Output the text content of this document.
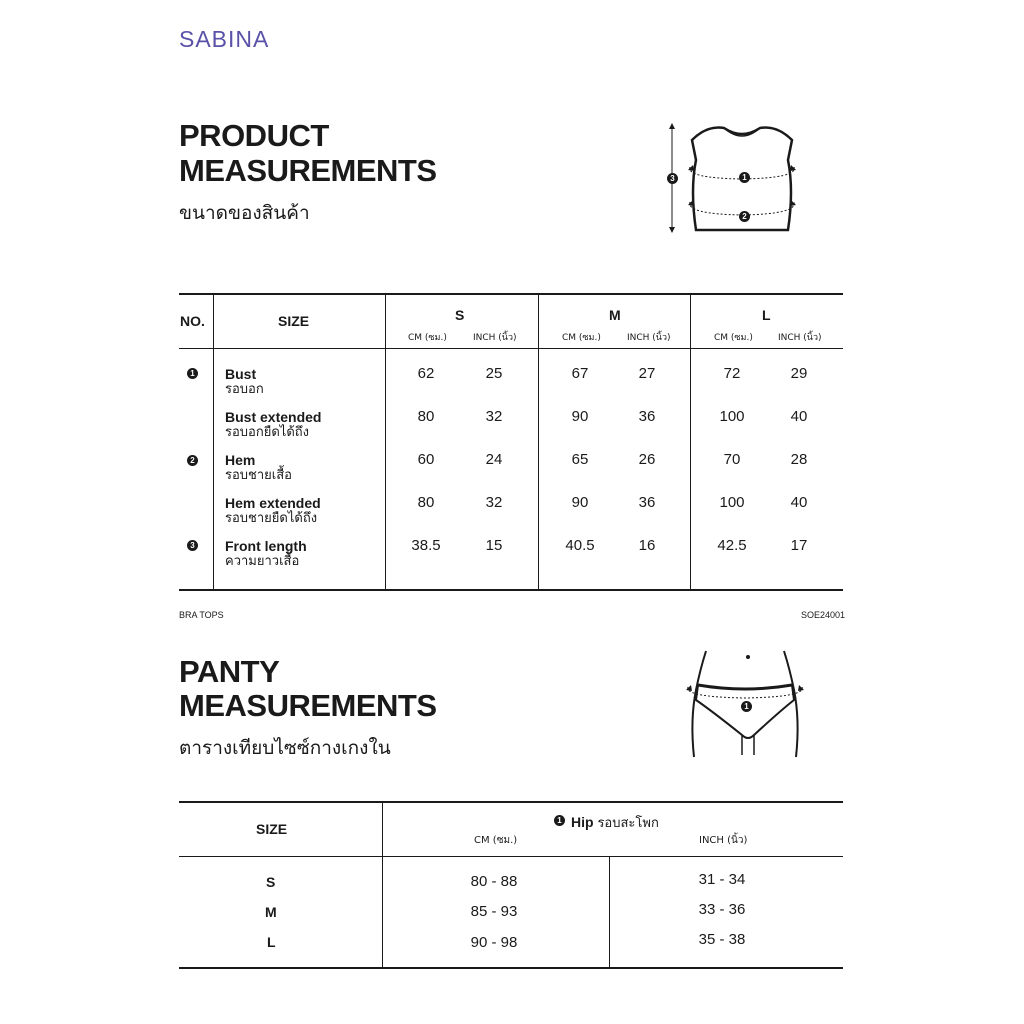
SABINA
PRODUCT
MEASUREMENTS
ขนาดของสินค้า
1
2
3
NO.	SIZE	S	M	L
CM (ซม.)	INCH (นิ้ว)	CM (ซม.)	INCH (นิ้ว)	CM (ซม.)	INCH (นิ้ว)
1 Bust
รอบอก
62	25	67	27	72	29
Bust extended
รอบอกยืดได้ถึง
80	32	90	36	100	40
2 Hem
รอบชายเสื้อ
60	24	65	26	70	28
Hem extended
รอบชายยืดได้ถึง
80	32	90	36	100	40
3 Front length
ความยาวเสื้อ
38.5	15	40.5	16	42.5	17
BRA TOPS	SOE24001
PANTY
MEASUREMENTS
ตารางเทียบไซซ์กางเกงใน
1
SIZE
1 Hip รอบสะโพก
CM (ซม.)	INCH (นิ้ว)
S	80 - 88	31 - 34
M	85 - 93	33 - 36
L	90 - 98	35 - 38
